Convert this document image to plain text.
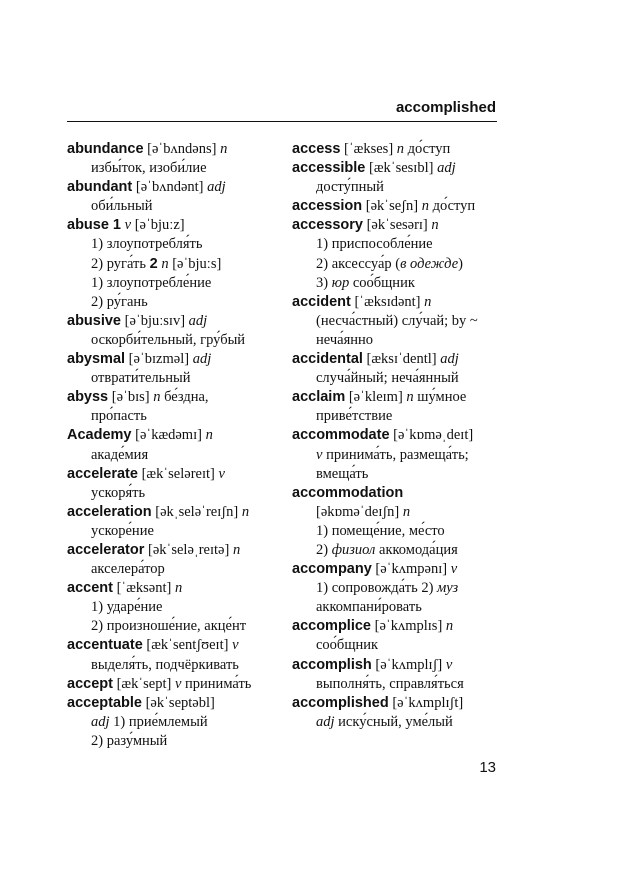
accomplished
abundance [əˈbʌndəns] n
избы́ток, изоби́лие
abundant [əˈbʌndənt] adj
оби́льный
abuse 1 v [əˈbjuːz]
1) злоупотребля́ть
2) руга́ть 2 n [əˈbjuːs]
1) злоупотребле́ние
2) ру́гань
abusive [əˈbjuːsɪv] adj
оскорби́тельный, гру́бый
abysmal [əˈbɪzməl] adj
отврати́тельный
abyss [əˈbɪs] n бе́здна,
про́пасть
Academy [əˈkædəmɪ] n
акаде́мия
accelerate [ækˈseləreɪt] v
ускоря́ть
acceleration [əkˌseləˈreɪʃn] n
ускоре́ние
accelerator [əkˈseləˌreɪtə] n
акселера́тор
accent [ˈæksənt] n
1) ударе́ние
2) произноше́ние, акце́нт
accentuate [ækˈsentʃʊeɪt] v
выделя́ть, подчёркивать
accept [ækˈsept] v принима́ть
acceptable [əkˈseptəbl]
adj 1) прие́млемый
2) разу́мный
access [ˈækses] n до́ступ
accessible [ækˈsesɪbl] adj
досту́пный
accession [əkˈseʃn] n до́ступ
accessory [əkˈsesərɪ] n
1) приспособле́ние
2) аксессуа́р (в одежде)
3) юр соо́бщник
accident [ˈæksɪdənt] n
(несча́стный) слу́чай; by ~
неча́янно
accidental [æksɪˈdentl] adj
случа́йный; неча́янный
acclaim [əˈkleɪm] n шу́мное
приве́тствие
accommodate [əˈkɒməˌdeɪt]
v принима́ть, размеща́ть;
вмеща́ть
accommodation
[əkɒməˈdeɪʃn] n
1) помеще́ние, ме́сто
2) физиол аккомода́ция
accompany [əˈkʌmpənɪ] v
1) сопровожда́ть 2) муз
аккомпани́ровать
accomplice [əˈkʌmplɪs] n
соо́бщник
accomplish [əˈkʌmplɪʃ] v
выполня́ть, справля́ться
accomplished [əˈkʌmplɪʃt]
adj иску́сный, уме́лый
13
